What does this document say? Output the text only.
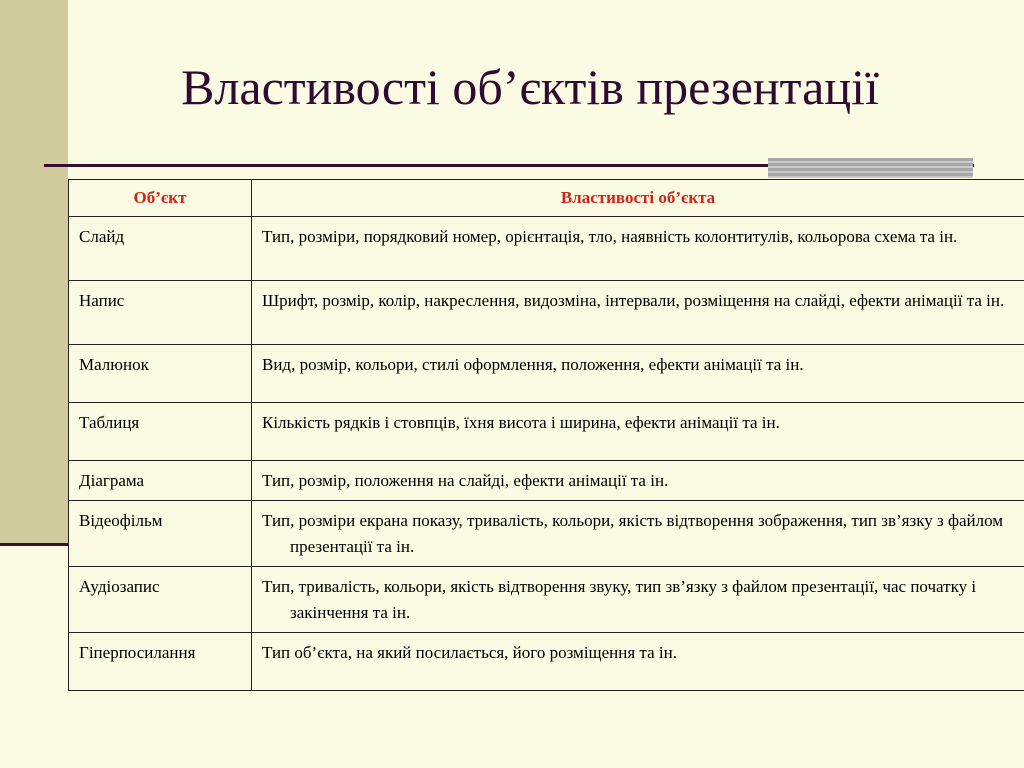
Властивості об’єктів презентації
Об’єкт	Властивості об’єкта
Слайд	Тип, розміри, порядковий номер, орієнтація, тло, наявність колонтитулів, кольорова схема та ін.
Напис	Шрифт, розмір, колір, накреслення, видозміна, інтервали, розміщення на слайді, ефекти анімації та ін.
Малюнок	Вид, розмір, кольори, стилі оформлення, положення, ефекти анімації та ін.
Таблиця	Кількість рядків і стовпців, їхня висота і ширина, ефекти анімації та ін.
Діаграма	Тип, розмір, положення на слайді, ефекти анімації та ін.
Відеофільм	Тип, розміри екрана показу, тривалість, кольори, якість відтворення зображення, тип зв’язку з файлом презентації та ін.
Аудіозапис	Тип, тривалість, кольори, якість відтворення звуку, тип зв’язку з файлом презентації, час початку і закінчення та ін.
Гіперпосилання	Тип об’єкта, на який посилається, його розміщення та ін.
